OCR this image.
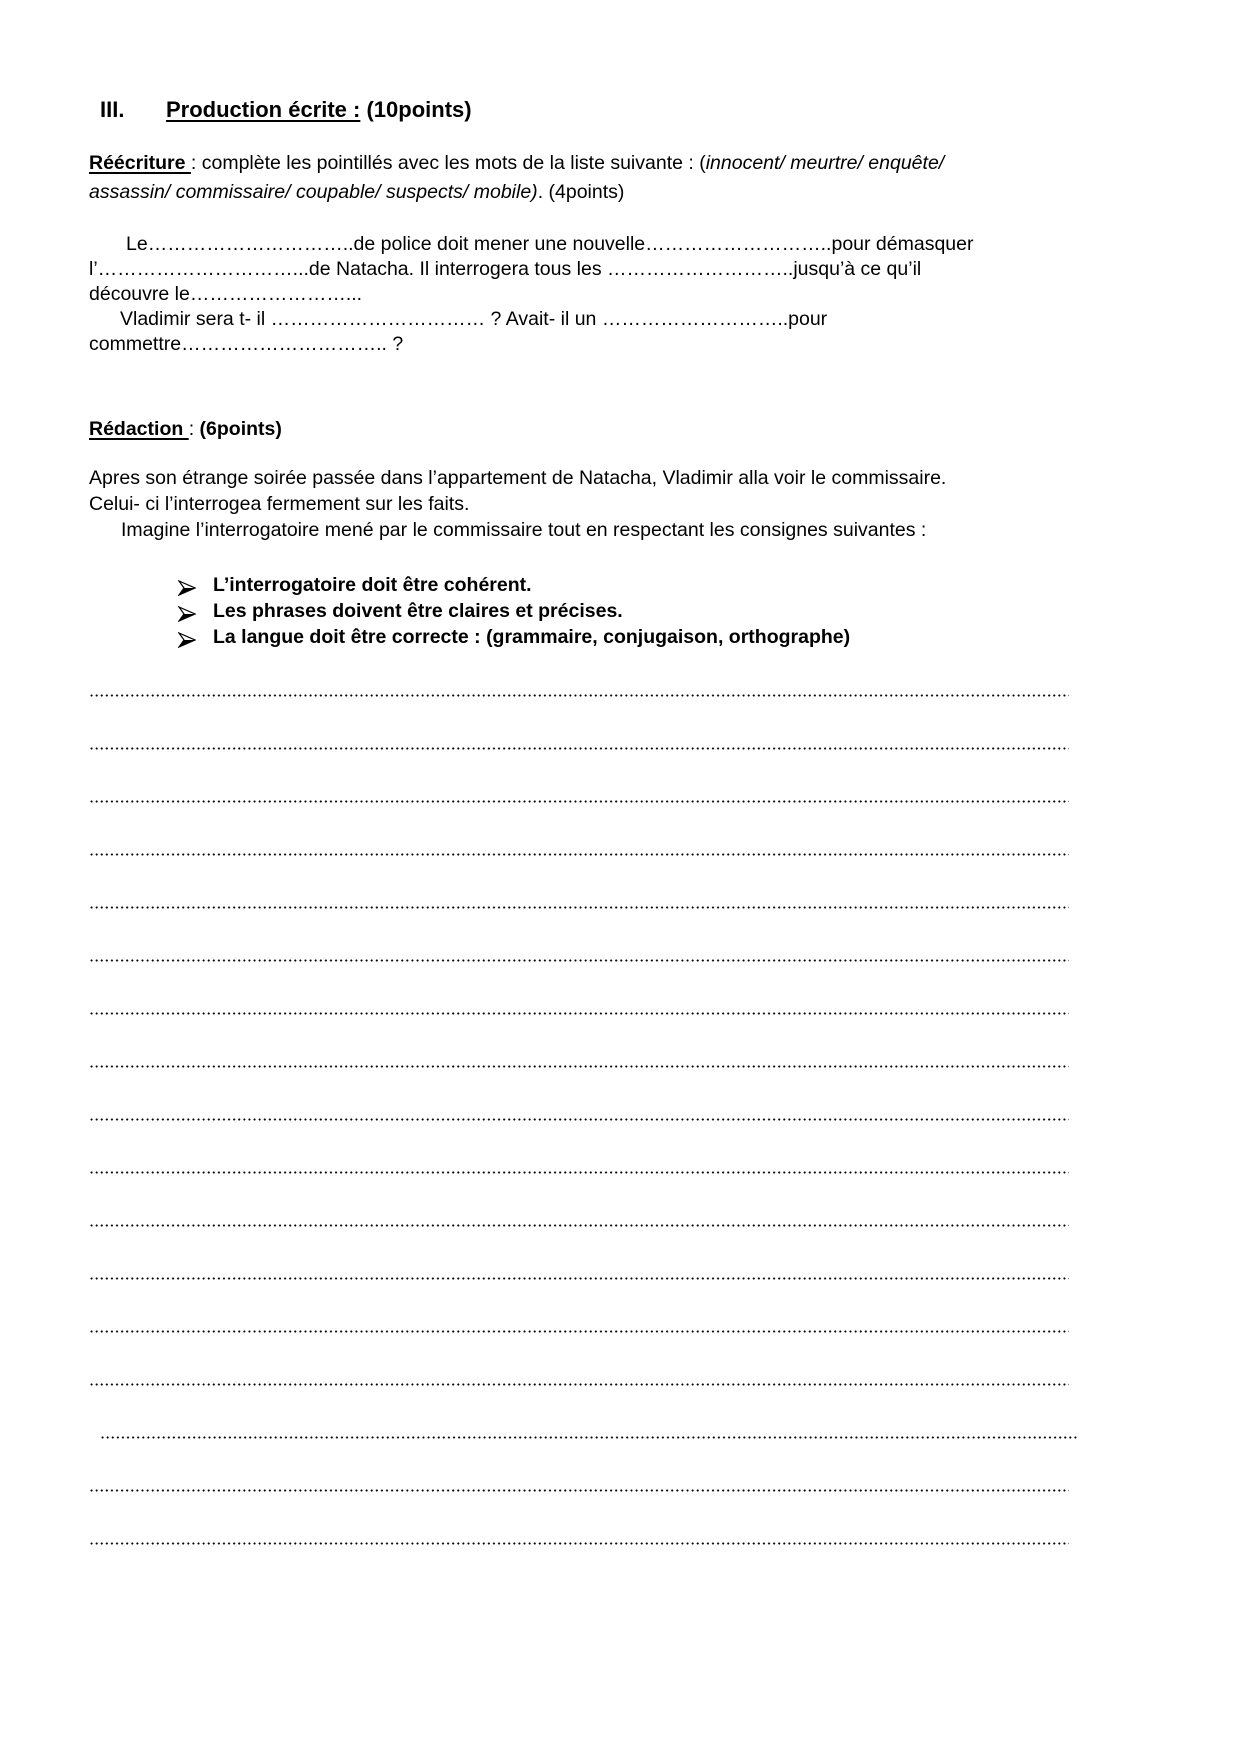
III. Production écrite : (10points)
Réécriture : complète les pointillés avec les mots de la liste suivante : (innocent/ meurtre/ enquête/
assassin/ commissaire/ coupable/ suspects/ mobile). (4points)
Le…………………………..de police doit mener une nouvelle………………………..pour démasquer
l’…………………………...de Natacha. Il interrogera tous les ………………………..jusqu’à ce qu’il
découvre le……………………...
Vladimir sera t- il …………………………… ? Avait- il un ………………………..pour
commettre………………………….. ?
Rédaction : (6points)
Apres son étrange soirée passée dans l’appartement de Natacha, Vladimir alla voir le commissaire.
Celui- ci l’interrogea fermement sur les faits.
Imagine l’interrogatoire mené par le commissaire tout en respectant les consignes suivantes :
L’interrogatoire doit être cohérent.
Les phrases doivent être claires et précises.
La langue doit être correcte : (grammaire, conjugaison, orthographe)
